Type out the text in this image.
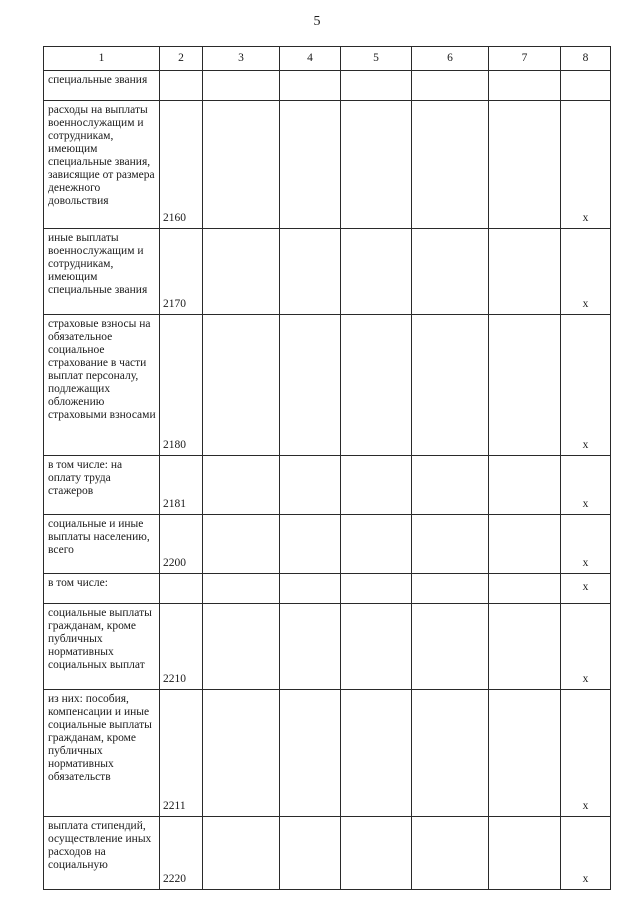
5
1	2	3	4	5	6	7	8
специальные звания							
расходы на выплаты военнослужащим и сотрудникам, имеющим специальные звания, зависящие от размера денежного довольствия	2160						x
иные выплаты военнослужащим и сотрудникам, имеющим специальные звания	2170						x
страховые взносы на обязательное социальное страхование в части выплат персоналу, подлежащих обложению страховыми взносами	2180						x
в том числе: на оплату труда стажеров	2181						x
социальные и иные выплаты населению, всего	2200						x
в том числе:							x
социальные выплаты гражданам, кроме публичных нормативных социальных выплат	2210						x
из них: пособия, компенсации и иные социальные выплаты гражданам, кроме публичных нормативных обязательств	2211						x
выплата стипендий, осуществление иных расходов на социальную	2220						x
